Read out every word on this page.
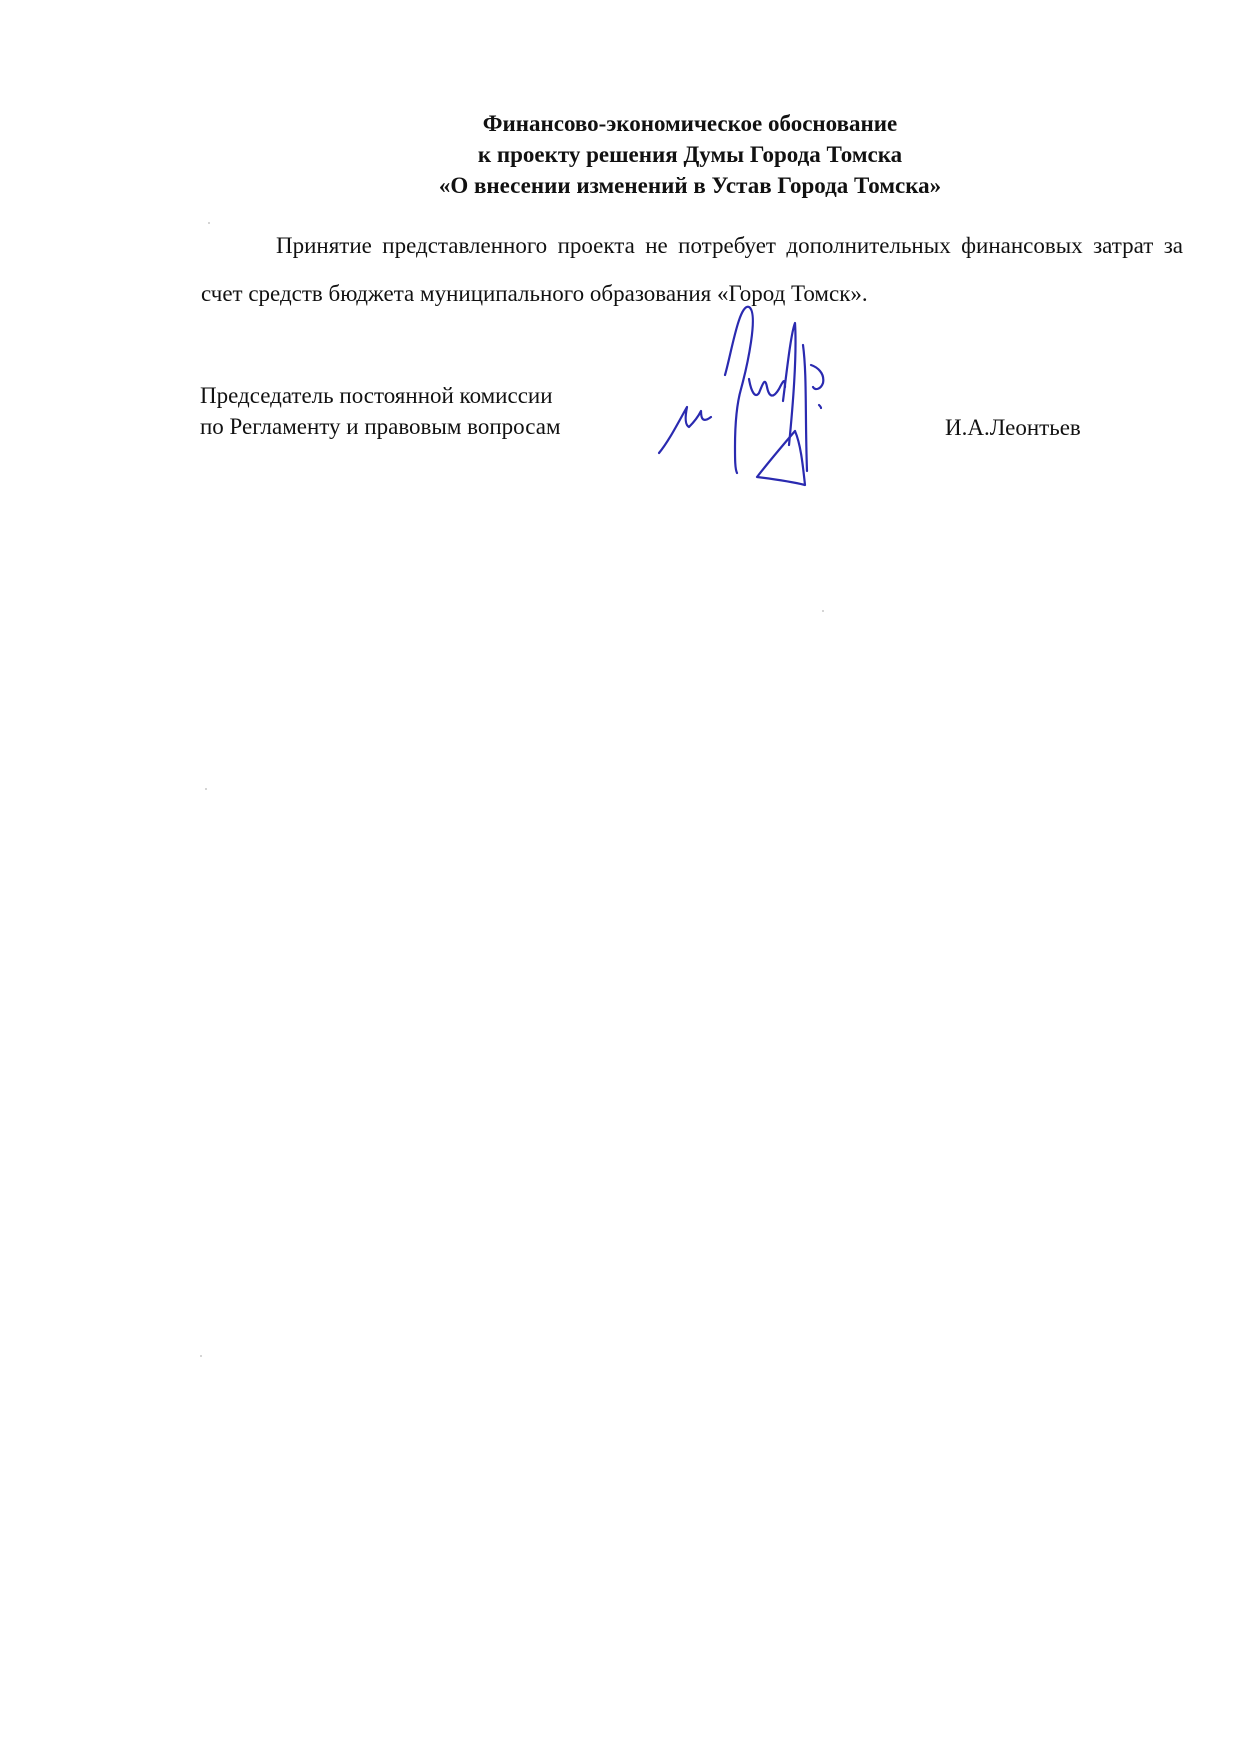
Финансово-экономическое обоснование
к проекту решения Думы Города Томска
«О внесении изменений в Устав Города Томска»

Принятие представленного проекта не потребует дополнительных финансовых затрат за счет средств бюджета муниципального образования «Город Томск».

Председатель постоянной комиссии
по Регламенту и правовым вопросам	И.А.Леонтьев
